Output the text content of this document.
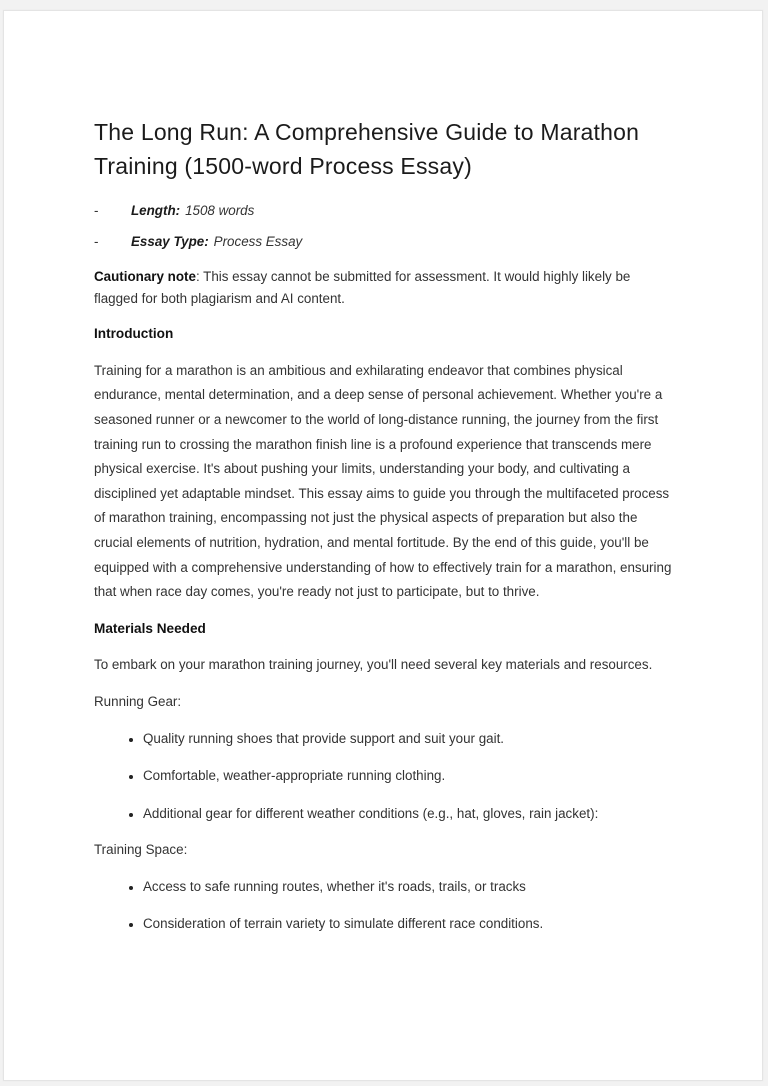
The Long Run: A Comprehensive Guide to Marathon Training (1500-word Process Essay)
-	Length: 1508 words
-	Essay Type: Process Essay

Cautionary note: This essay cannot be submitted for assessment. It would highly likely be flagged for both plagiarism and AI content.

Introduction

Training for a marathon is an ambitious and exhilarating endeavor that combines physical endurance, mental determination, and a deep sense of personal achievement. Whether you're a seasoned runner or a newcomer to the world of long-distance running, the journey from the first training run to crossing the marathon finish line is a profound experience that transcends mere physical exercise. It's about pushing your limits, understanding your body, and cultivating a disciplined yet adaptable mindset. This essay aims to guide you through the multifaceted process of marathon training, encompassing not just the physical aspects of preparation but also the crucial elements of nutrition, hydration, and mental fortitude. By the end of this guide, you'll be equipped with a comprehensive understanding of how to effectively train for a marathon, ensuring that when race day comes, you're ready not just to participate, but to thrive.

Materials Needed

To embark on your marathon training journey, you'll need several key materials and resources.

Running Gear:

• Quality running shoes that provide support and suit your gait.
• Comfortable, weather-appropriate running clothing.
• Additional gear for different weather conditions (e.g., hat, gloves, rain jacket):

Training Space:

• Access to safe running routes, whether it's roads, trails, or tracks
• Consideration of terrain variety to simulate different race conditions.
